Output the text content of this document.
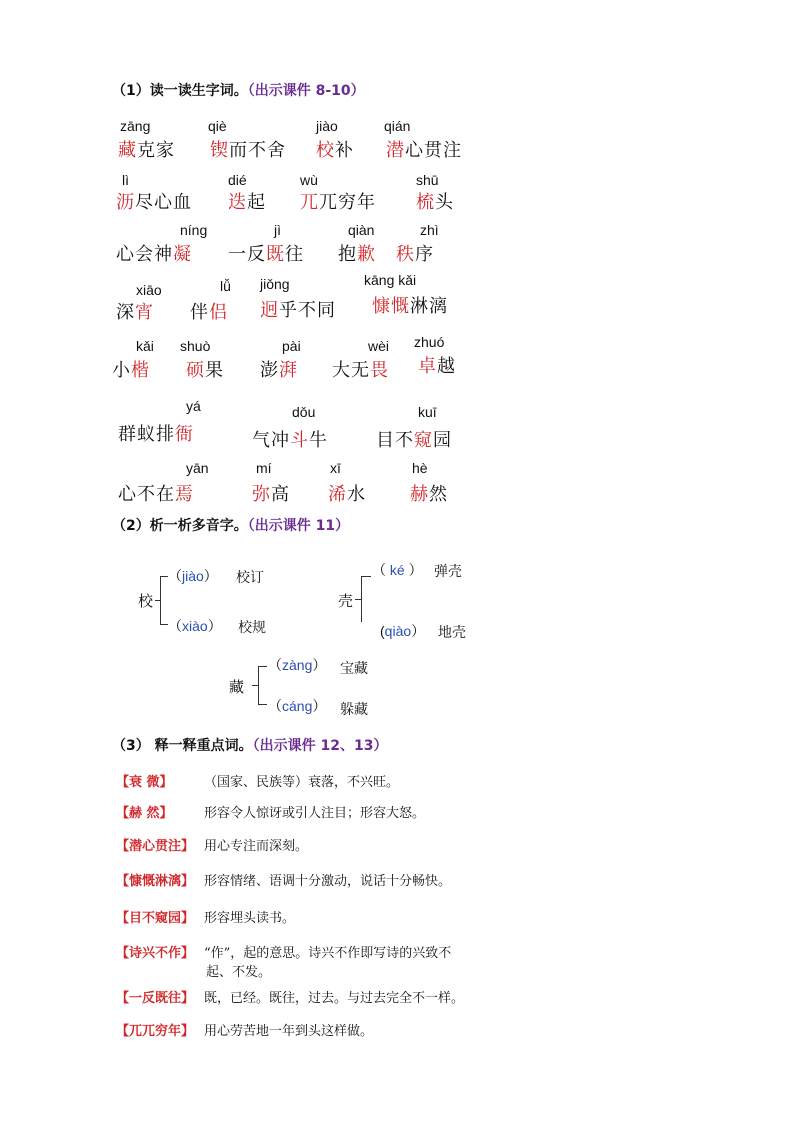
（1）读一读生字词。（出示课件 8-10）
zāng
藏克家
qiè
锲而不舍
jiào
校补
qián
潜心贯注
lì
沥尽心血
dié
迭起
wù
兀兀穷年
shū
梳头
níng
心会神凝
jì
一反既往
qiàn
抱歉
zhì
秩序
xiāo
深宵
lǚ
伴侣
jiǒng
迥乎不同
kāng kǎi
慷慨淋漓
kǎi
小楷
shuò
硕果
pài
澎湃
wèi
大无畏
zhuó
卓越
yá
群蚁排衙
dǒu
气冲斗牛
kuī
目不窥园
yān
心不在焉
mí
弥高
xī
浠水
hè
赫然
（2）析一析多音字。（出示课件 11）
校
（jiào） 校订
（xiào） 校规
壳
（ ké ） 弹壳
(qiào） 地壳
藏
（zàng） 宝藏
（cáng） 躲藏
（3） 释一释重点词。（出示课件 12、13）
【衰 微】 （国家、民族等）衰落，不兴旺。
【赫 然】 形容令人惊讶或引人注目；形容大怒。
【潜心贯注】 用心专注而深刻。
【慷慨淋漓】 形容情绪、语调十分激动，说话十分畅快。
【目不窥园】 形容埋头读书。
【诗兴不作】 “作”，起的意思。诗兴不作即写诗的兴致不
起、不发。
【一反既往】 既，已经。既往，过去。与过去完全不一样。
【兀兀穷年】 用心劳苦地一年到头这样做。
